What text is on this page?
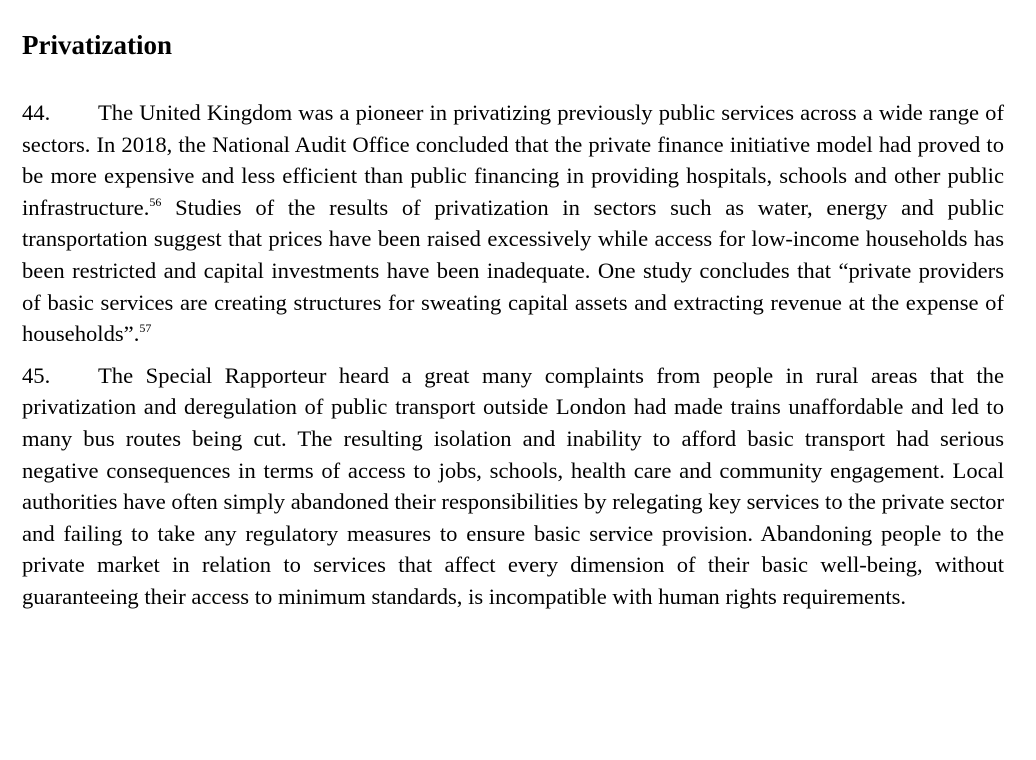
Privatization

44. The United Kingdom was a pioneer in privatizing previously public services across a wide range of sectors. In 2018, the National Audit Office concluded that the private finance initiative model had proved to be more expensive and less efficient than public financing in providing hospitals, schools and other public infrastructure.$^{56}$ Studies of the results of privatization in sectors such as water, energy and public transportation suggest that prices have been raised excessively while access for low-income households has been restricted and capital investments have been inadequate. One study concludes that “private providers of basic services are creating structures for sweating capital assets and extracting revenue at the expense of households”.$^{57}$

45. The Special Rapporteur heard a great many complaints from people in rural areas that the privatization and deregulation of public transport outside London had made trains unaffordable and led to many bus routes being cut. The resulting isolation and inability to afford basic transport had serious negative consequences in terms of access to jobs, schools, health care and community engagement. Local authorities have often simply abandoned their responsibilities by relegating key services to the private sector and failing to take any regulatory measures to ensure basic service provision. Abandoning people to the private market in relation to services that affect every dimension of their basic well-being, without guaranteeing their access to minimum standards, is incompatible with human rights requirements.
